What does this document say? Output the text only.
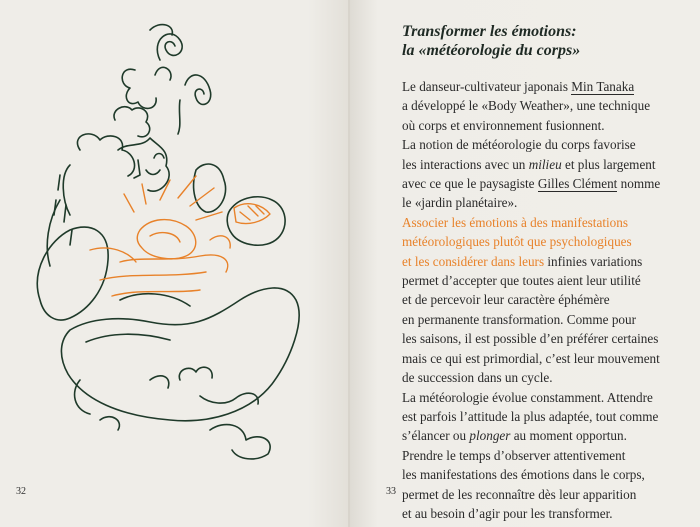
32
Transformer les émotions:
la «météorologie du corps»
Le danseur-cultivateur japonais Min Tanaka
a développé le «Body Weather», une technique
où corps et environnement fusionnent.
La notion de météorologie du corps favorise
les interactions avec un milieu et plus largement
avec ce que le paysagiste Gilles Clément nomme
le «jardin planétaire».
Associer les émotions à des manifestations
météorologiques plutôt que psychologiques
et les considérer dans leurs infinies variations
permet d’accepter que toutes aient leur utilité
et de percevoir leur caractère éphémère
en permanente transformation. Comme pour
les saisons, il est possible d’en préférer certaines
mais ce qui est primordial, c’est leur mouvement
de succession dans un cycle.
La météorologie évolue constamment. Attendre
est parfois l’attitude la plus adaptée, tout comme
s’élancer ou plonger au moment opportun.
Prendre le temps d’observer attentivement
les manifestations des émotions dans le corps,
permet de les reconnaître dès leur apparition
et au besoin d’agir pour les transformer.
33
